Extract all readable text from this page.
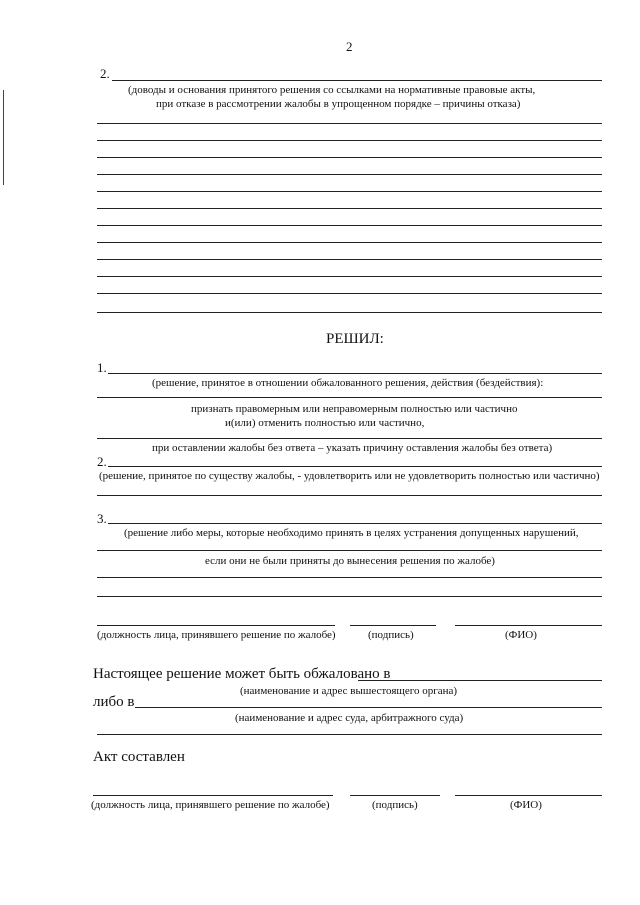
2
2.
(доводы и основания принятого решения со ссылками на нормативные правовые акты,
при отказе в рассмотрении жалобы в упрощенном порядке – причины отказа)
РЕШИЛ:
1.
(решение, принятое в отношении обжалованного решения, действия (бездействия):
признать правомерным или неправомерным полностью или частично
и(или) отменить полностью или частично,
при оставлении жалобы без ответа – указать причину оставления жалобы без ответа)
2.
(решение, принятое по существу жалобы, - удовлетворить или не удовлетворить полностью или частично)
3.
(решение либо меры, которые необходимо принять в целях устранения допущенных нарушений,
если они не были приняты до вынесения решения по жалобе)
(должность лица, принявшего решение по жалобе)	(подпись)	(ФИО)
Настоящее решение может быть обжаловано в
(наименование и адрес вышестоящего органа)
либо в
(наименование и адрес суда, арбитражного суда)
Акт составлен
(должность лица, принявшего решение по жалобе)	(подпись)	(ФИО)
